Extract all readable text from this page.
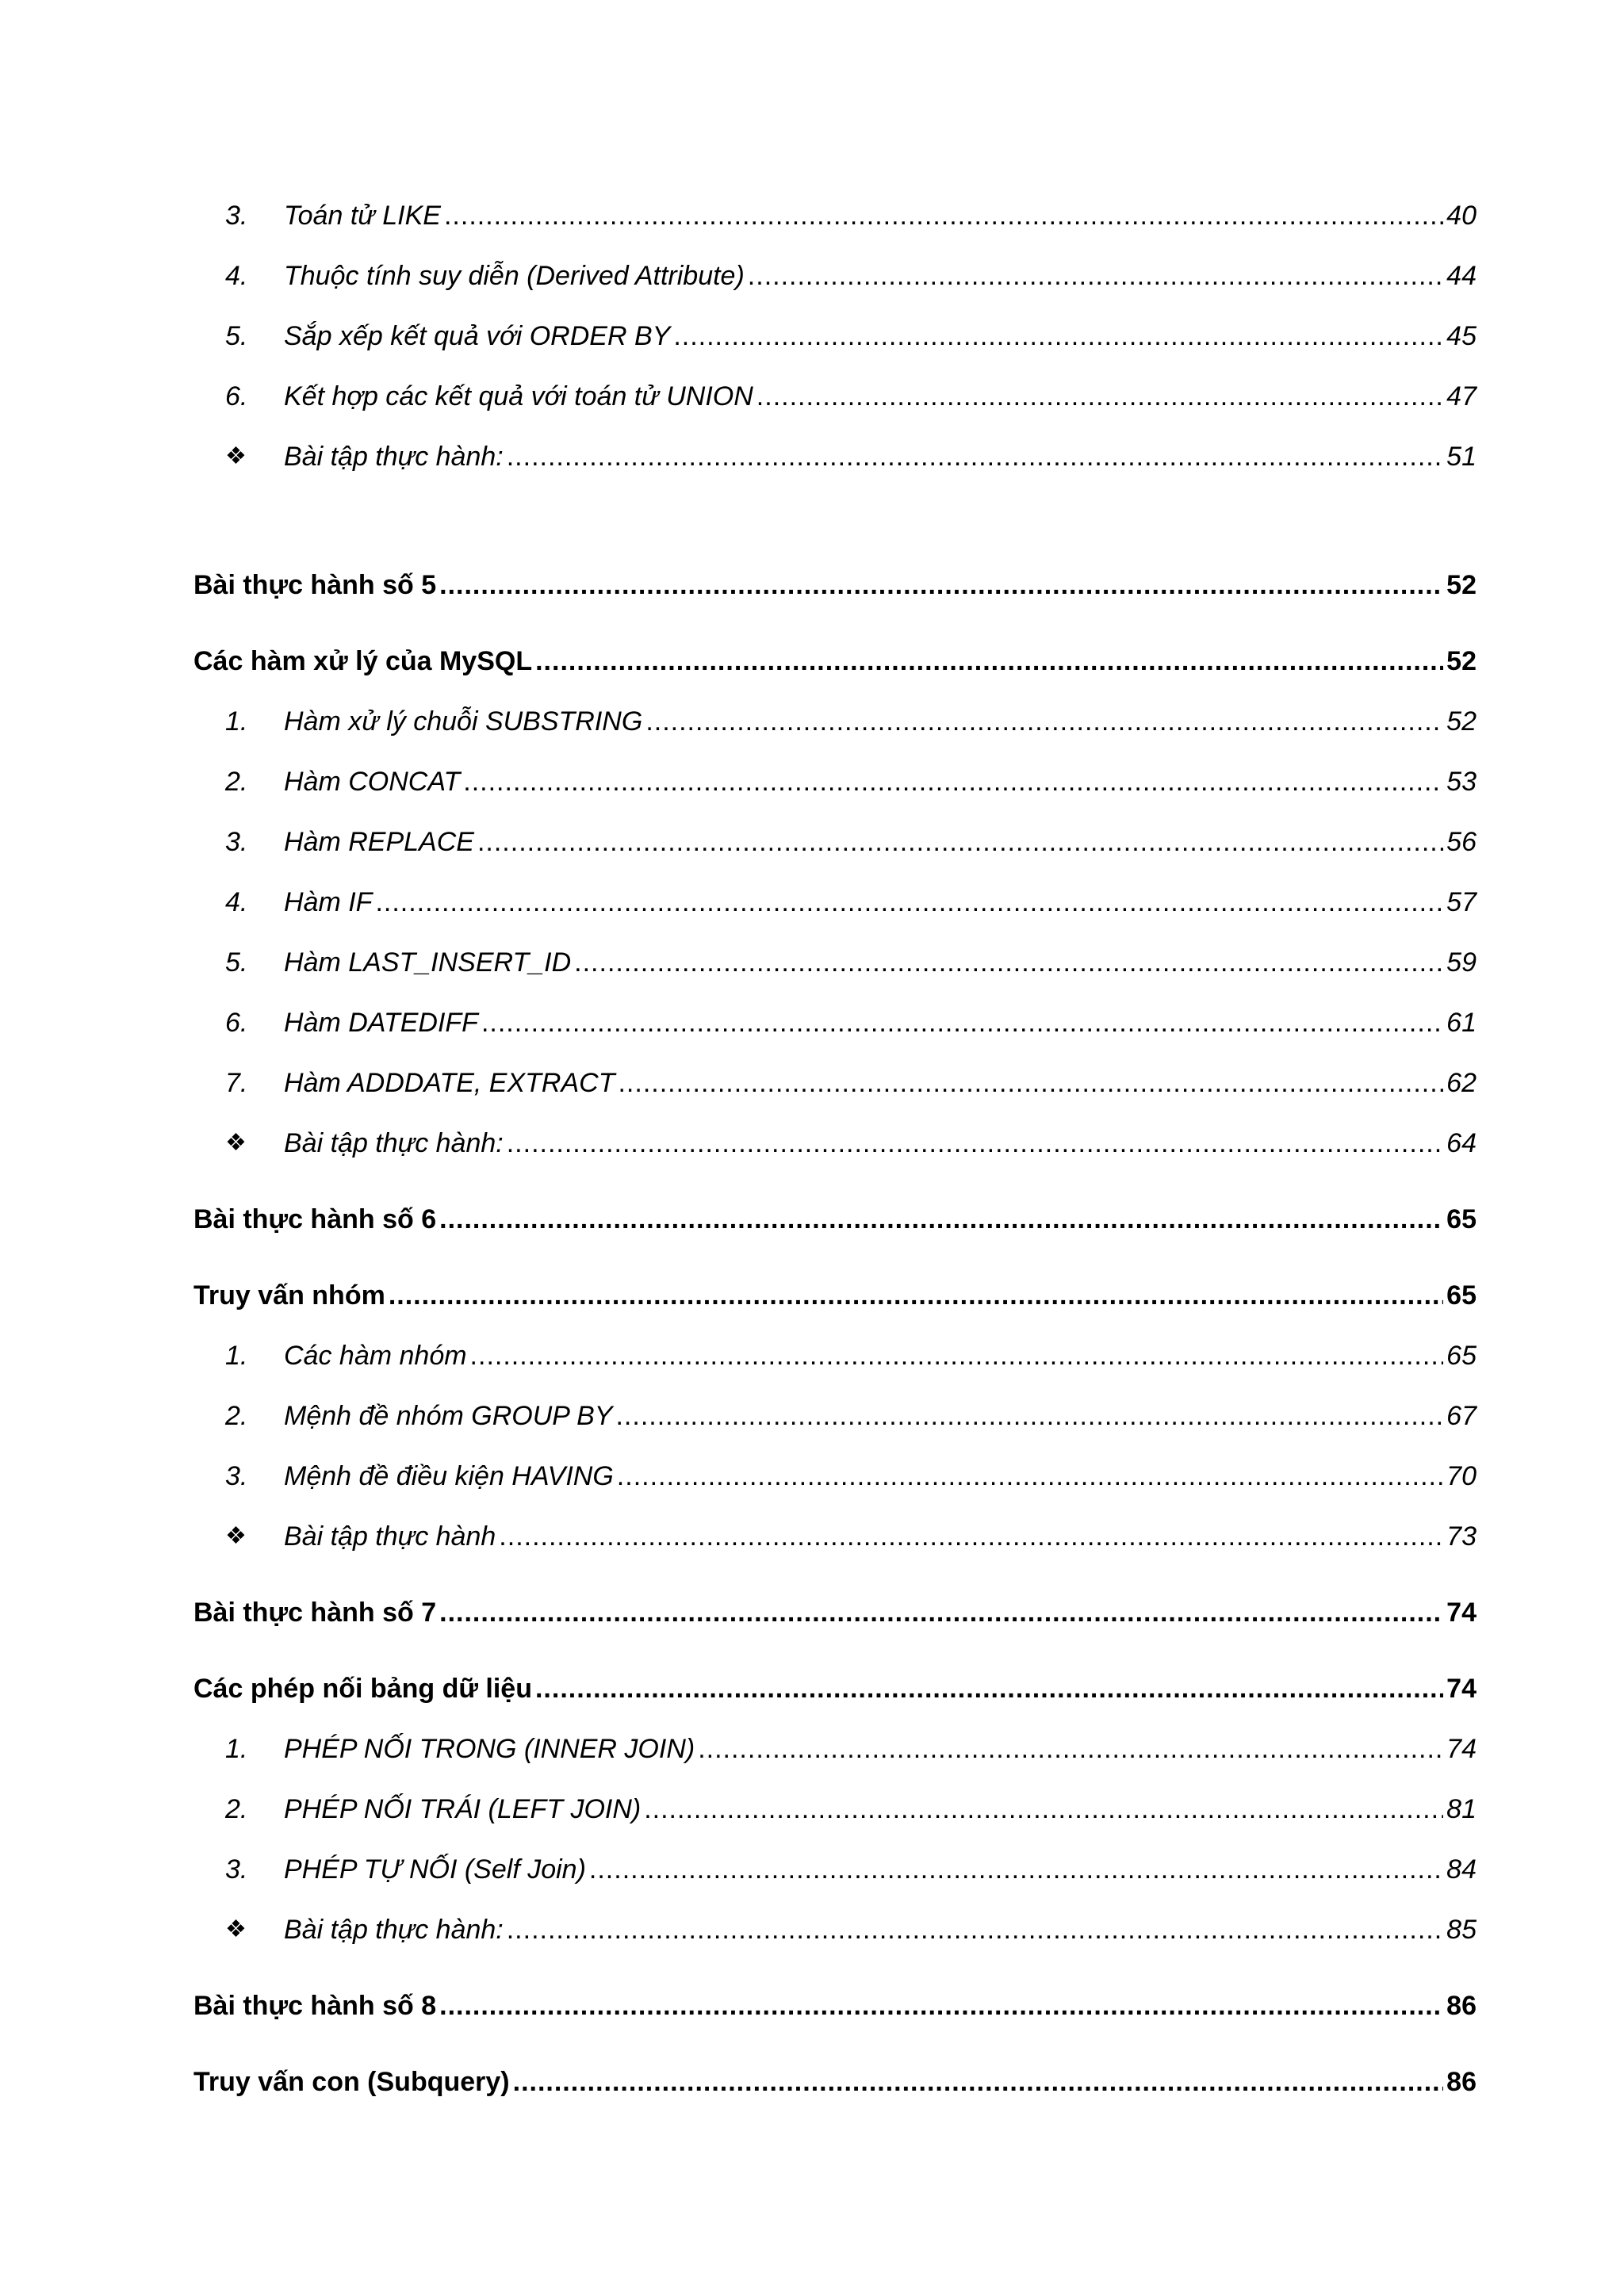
3.	Toán tử LIKE .....	40
4.	Thuộc tính suy diễn (Derived Attribute) .....	44
5.	Sắp xếp kết quả với ORDER BY .....	45
6.	Kết hợp các kết quả với toán tử UNION .....	47
❖	Bài tập thực hành: .....	51
Bài thực hành số 5 .....	52
Các hàm xử lý của MySQL .....	52
1.	Hàm xử lý chuỗi SUBSTRING .....	52
2.	Hàm CONCAT .....	53
3.	Hàm REPLACE .....	56
4.	Hàm IF .....	57
5.	Hàm LAST_INSERT_ID .....	59
6.	Hàm DATEDIFF .....	61
7.	Hàm ADDDATE, EXTRACT .....	62
❖	Bài tập thực hành: .....	64
Bài thực hành số 6 .....	65
Truy vấn nhóm .....	65
1.	Các hàm nhóm .....	65
2.	Mệnh đề nhóm GROUP BY .....	67
3.	Mệnh đề điều kiện HAVING .....	70
❖	Bài tập thực hành .....	73
Bài thực hành số 7 .....	74
Các phép nối bảng dữ liệu .....	74
1.	PHÉP NỐI TRONG (INNER JOIN) .....	74
2.	PHÉP NỐI TRÁI (LEFT JOIN) .....	81
3.	PHÉP TỰ NỐI (Self Join) .....	84
❖	Bài tập thực hành: .....	85
Bài thực hành số 8 .....	86
Truy vấn con (Subquery) .....	86
